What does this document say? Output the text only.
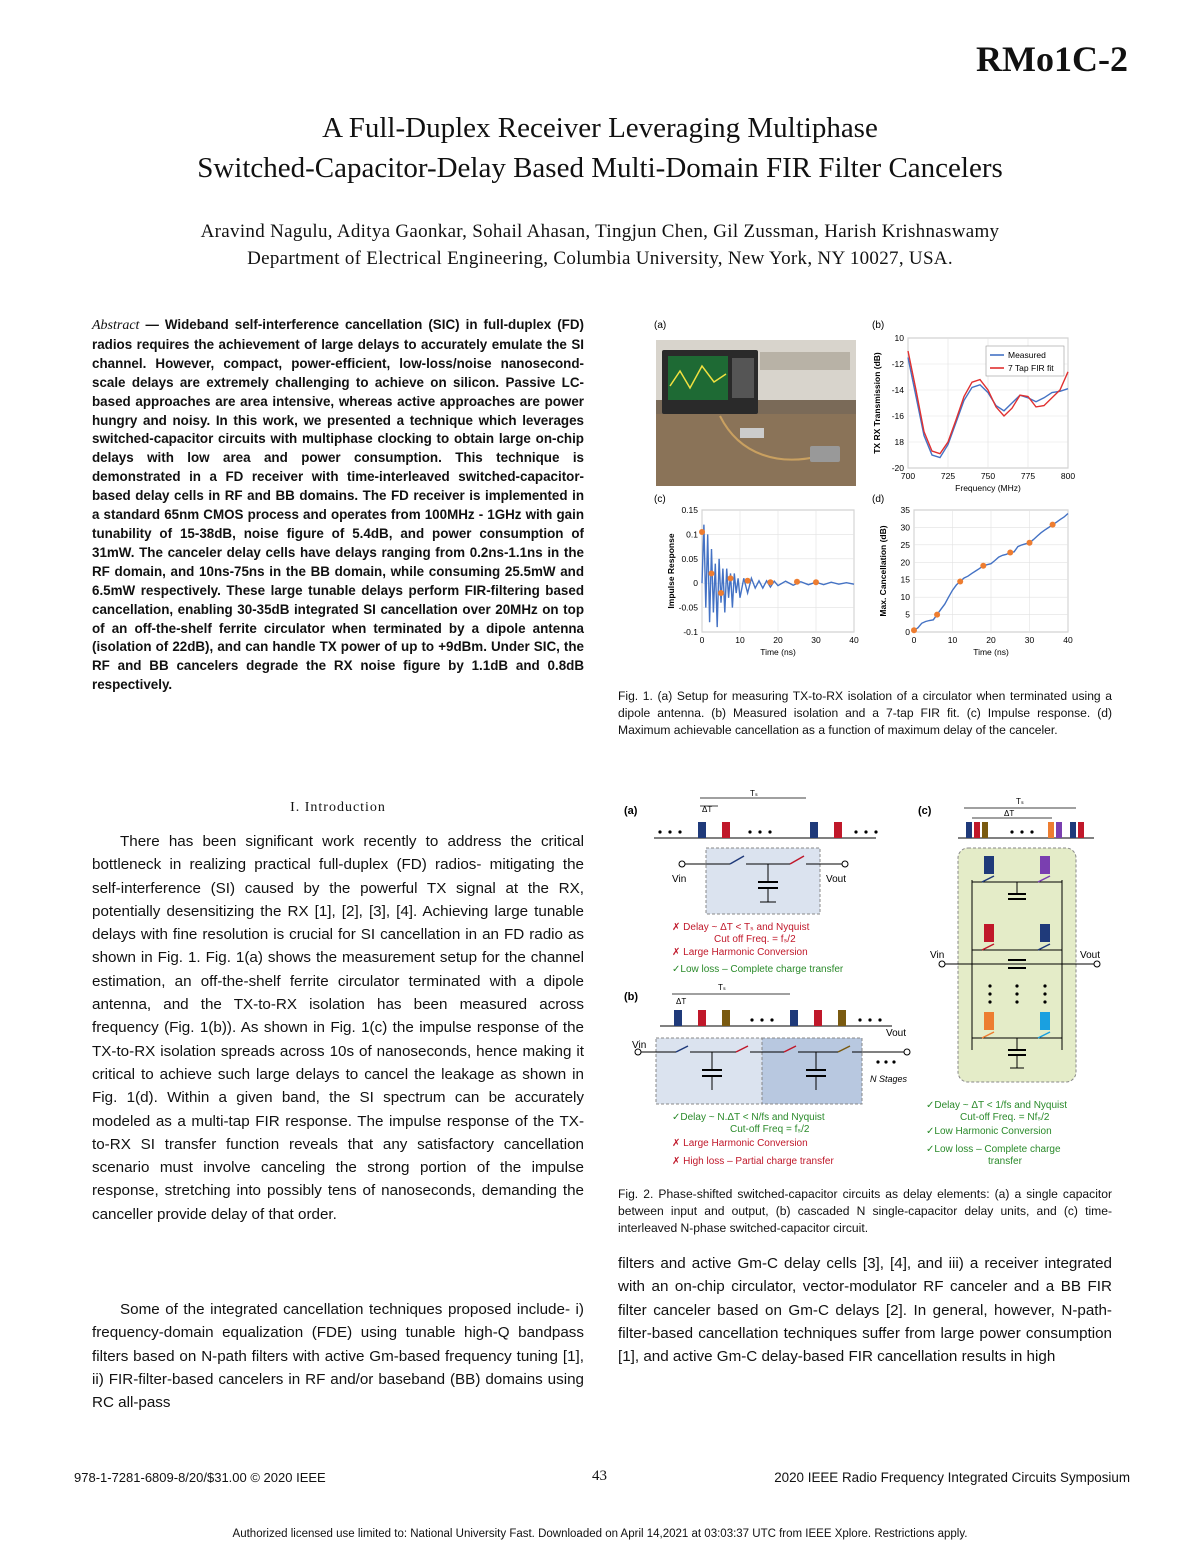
RMo1C-2
A Full-Duplex Receiver Leveraging Multiphase
Switched-Capacitor-Delay Based Multi-Domain FIR Filter Cancelers
Aravind Nagulu, Aditya Gaonkar, Sohail Ahasan, Tingjun Chen, Gil Zussman, Harish Krishnaswamy
Department of Electrical Engineering, Columbia University, New York, NY 10027, USA.
Abstract — Wideband self-interference cancellation (SIC) in full-duplex (FD) radios requires the achievement of large delays to accurately emulate the SI channel. However, compact, power-efficient, low-loss/noise nanosecond-scale delays are extremely challenging to achieve on silicon. Passive LC-based approaches are area intensive, whereas active approaches are power hungry and noisy. In this work, we presented a technique which leverages switched-capacitor circuits with multiphase clocking to obtain large on-chip delays with low area and power consumption. This technique is demonstrated in a FD receiver with time-interleaved switched-capacitor-based delay cells in RF and BB domains. The FD receiver is implemented in a standard 65nm CMOS process and operates from 100MHz - 1GHz with gain tunability of 15-38dB, noise figure of 5.4dB, and power consumption of 31mW. The canceler delay cells have delays ranging from 0.2ns-1.1ns in the RF domain, and 10ns-75ns in the BB domain, while consuming 25.5mW and 6.5mW respectively. These large tunable delays perform FIR-filtering based cancellation, enabling 30-35dB integrated SI cancellation over 20MHz on top of an off-the-shelf ferrite circulator when terminated by a dipole antenna (isolation of 22dB), and can handle TX power of up to +9dBm. Under SIC, the RF and BB cancelers degrade the RX noise figure by 1.1dB and 0.8dB respectively.
I. Introduction
There has been significant work recently to address the critical bottleneck in realizing practical full-duplex (FD) radios- mitigating the self-interference (SI) caused by the powerful TX signal at the RX, potentially desensitizing the RX [1], [2], [3], [4]. Achieving large tunable delays with fine resolution is crucial for SI cancellation in an FD radio as shown in Fig. 1. Fig. 1(a) shows the measurement setup for the channel estimation, an off-the-shelf ferrite circulator terminated with a dipole antenna, and the TX-to-RX isolation has been measured across frequency (Fig. 1(b)). As shown in Fig. 1(c) the impulse response of the TX-to-RX isolation spreads across 10s of nanoseconds, hence making it critical to achieve such large delays to cancel the leakage as shown in Fig. 1(d). Within a given band, the SI spectrum can be accurately modeled as a multi-tap FIR response. The impulse response of the TX-to-RX SI transfer function reveals that any satisfactory cancellation scenario must involve canceling the strong portion of the impulse response, stretching into possibly tens of nanoseconds, demanding the canceller provide delay of that order.
Some of the integrated cancellation techniques proposed include- i) frequency-domain equalization (FDE) using tunable high-Q bandpass filters based on N-path filters with active Gm-based frequency tuning [1], ii) FIR-filter-based cancelers in RF and/or baseband (BB) domains using RC all-pass
filters and active Gm-C delay cells [3], [4], and iii) a receiver integrated with an on-chip circulator, vector-modulator RF canceler and a BB FIR filter canceler based on Gm-C delays [2]. In general, however, N-path-filter-based cancellation techniques suffer from large power consumption [1], and active Gm-C delay-based FIR cancellation results in high
(a)	(b)
700	725	750	775	800
10
-12
-14
-16
18
-20
Frequency (MHz)
TX RX Transmission (dB)	Measured
7 Tap FIR fit
(c)
0	10	20	30	40
0.15
0.1
0.05
0
-0.05
-0.1
Time (ns)
Impulse Response
(d)
0	10	20	30	40
0
5
10
15
20
25
30
35
Time (ns)
Max. Cancellation (dB)
Fig. 1. (a) Setup for measuring TX-to-RX isolation of a circulator when terminated using a dipole antenna. (b) Measured isolation and a 7-tap FIR fit. (c) Impulse response. (d) Maximum achievable cancellation as a function of maximum delay of the canceler.
(a)
Tₛ
ΔT
Vin	Vout
✗ Delay ~ ΔT < Tₛ and Nyquist
Cut off Freq. = fₛ/2
✗ Large Harmonic Conversion
✓Low loss – Complete charge transfer
(b)
Tₛ
ΔT
Vout
Vin
N Stages
✓Delay ~ N.ΔT < N/fs and Nyquist
Cut-off Freq = fₛ/2
✗ Large Harmonic Conversion
✗ High loss – Partial charge transfer
(c)
Tₛ
ΔT
Vin	Vout
✓Delay ~ ΔT < 1/fs and Nyquist
Cut-off Freq. = Nfₛ/2
✓Low Harmonic Conversion
✓Low loss – Complete charge
transfer
Fig. 2. Phase-shifted switched-capacitor circuits as delay elements: (a) a single capacitor between input and output, (b) cascaded N single-capacitor delay units, and (c) time-interleaved N-phase switched-capacitor circuit.
978-1-7281-6809-8/20/$31.00 © 2020 IEEE	43	2020 IEEE Radio Frequency Integrated Circuits Symposium
Authorized licensed use limited to: National University Fast. Downloaded on April 14,2021 at 03:03:37 UTC from IEEE Xplore. Restrictions apply.
